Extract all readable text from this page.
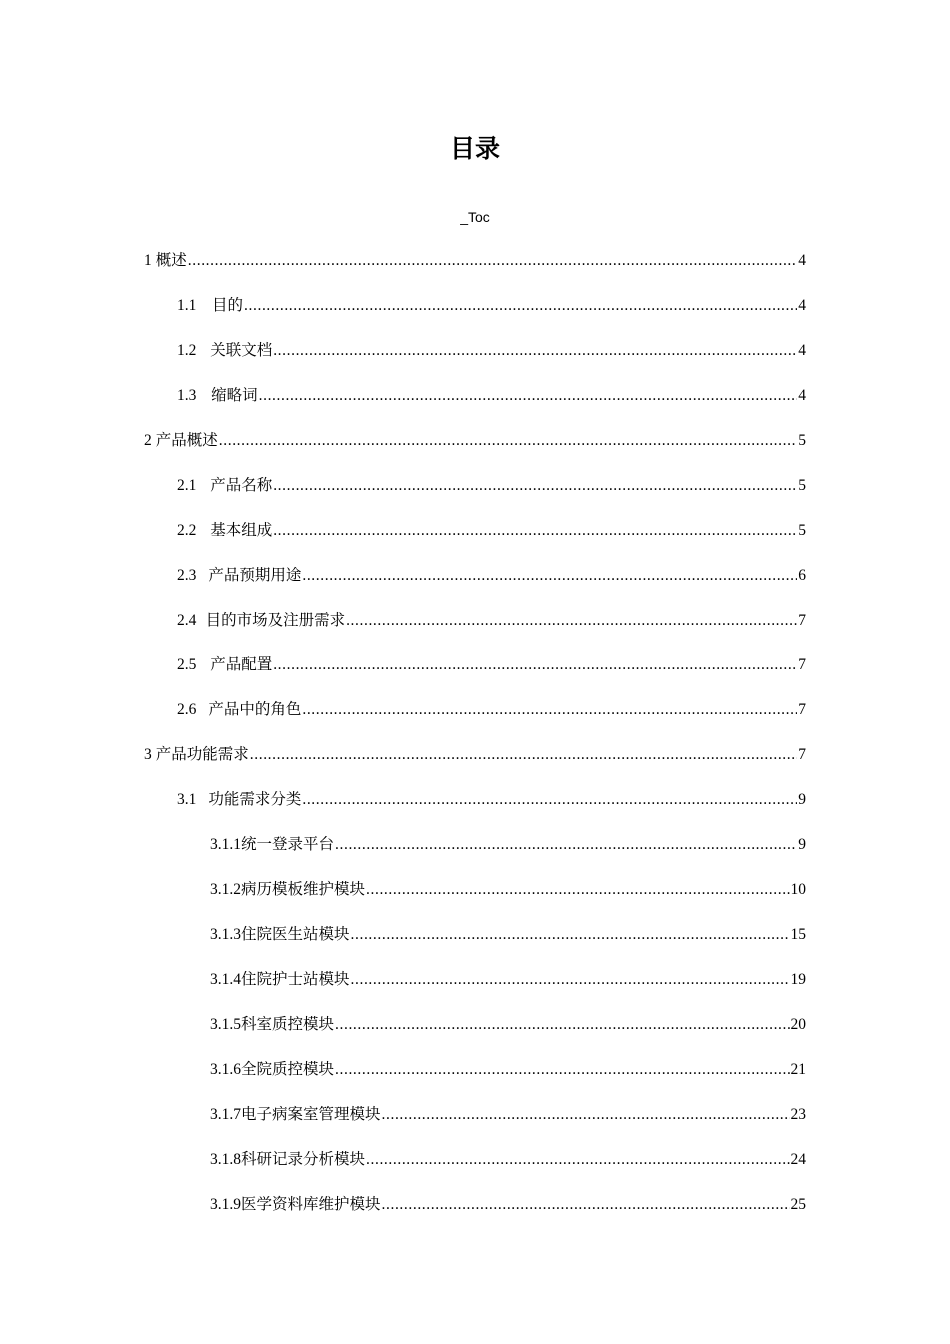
目录
_Toc
1 概述 .....	4
1.1	目的 .....	4
1.2 关联文档 .....	4
1.3 缩略词 .....	4
2 产品概述 .....	5
2.1 产品名称 .....	5
2.2 基本组成 .....	5
2.3 产品预期用途 .....	6
2.4 目的市场及注册需求 .....	7
2.5 产品配置 .....	7
2.6 产品中的角色 .....	7
3 产品功能需求 .....	7
3.1 功能需求分类 .....	9
3.1.1 统一登录平台 .....	9
3.1.2 病历模板维护模块 .....	10
3.1.3 住院医生站模块 .....	15
3.1.4 住院护士站模块 .....	19
3.1.5 科室质控模块 .....	20
3.1.6 全院质控模块 .....	21
3.1.7 电子病案室管理模块 .....	23
3.1.8 科研记录分析模块 .....	24
3.1.9 医学资料库维护模块 .....	25
